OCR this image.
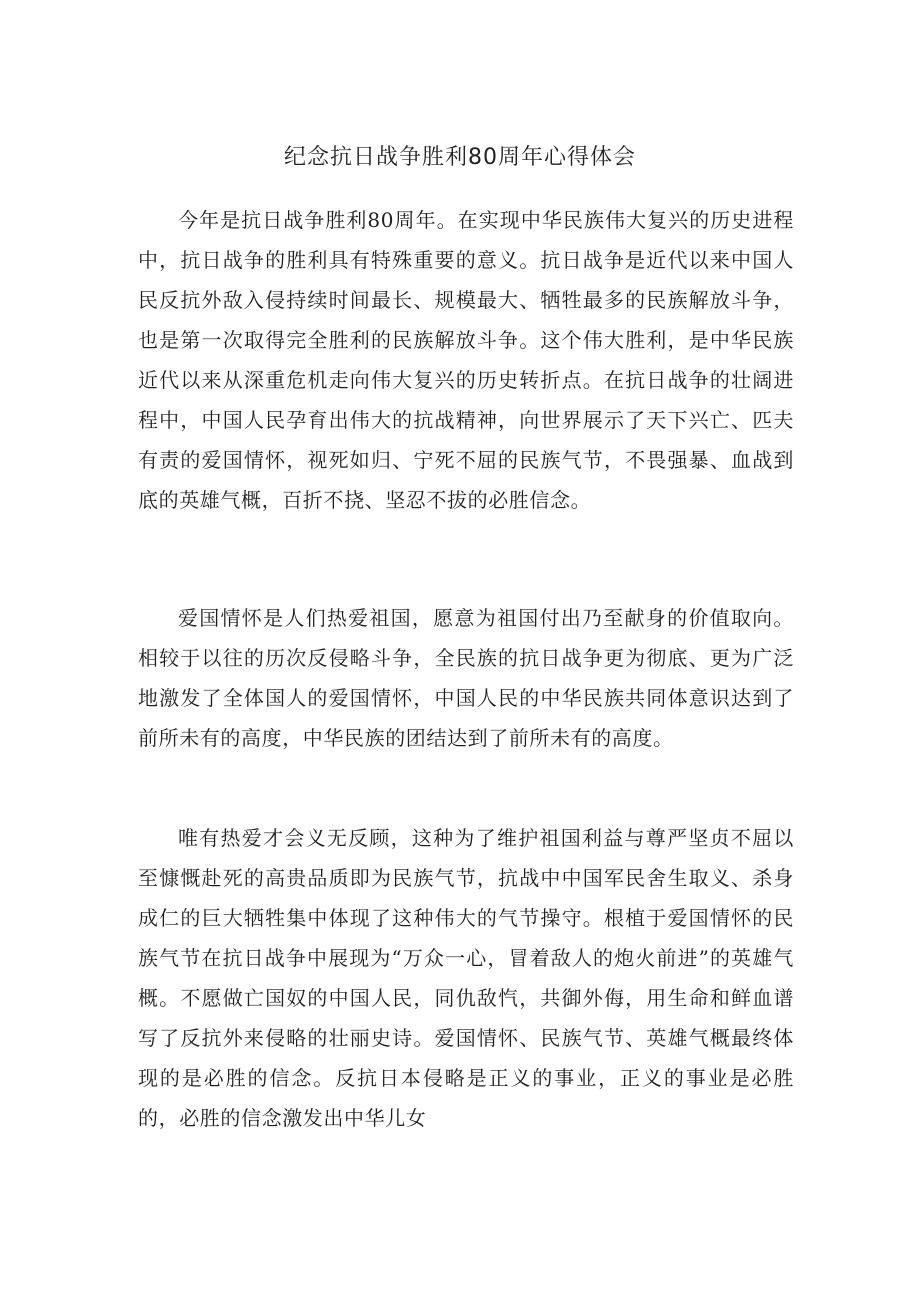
纪念抗日战争胜利80周年心得体会

今年是抗日战争胜利80周年。在实现中华民族伟大复兴的历史进程中，抗日战争的胜利具有特殊重要的意义。抗日战争是近代以来中国人民反抗外敌入侵持续时间最长、规模最大、牺牲最多的民族解放斗争，也是第一次取得完全胜利的民族解放斗争。这个伟大胜利，是中华民族近代以来从深重危机走向伟大复兴的历史转折点。在抗日战争的壮阔进程中，中国人民孕育出伟大的抗战精神，向世界展示了天下兴亡、匹夫有责的爱国情怀，视死如归、宁死不屈的民族气节，不畏强暴、血战到底的英雄气概，百折不挠、坚忍不拔的必胜信念。

爱国情怀是人们热爱祖国，愿意为祖国付出乃至献身的价值取向。相较于以往的历次反侵略斗争，全民族的抗日战争更为彻底、更为广泛地激发了全体国人的爱国情怀，中国人民的中华民族共同体意识达到了前所未有的高度，中华民族的团结达到了前所未有的高度。

唯有热爱才会义无反顾，这种为了维护祖国利益与尊严坚贞不屈以至慷慨赴死的高贵品质即为民族气节，抗战中中国军民舍生取义、杀身成仁的巨大牺牲集中体现了这种伟大的气节操守。根植于爱国情怀的民族气节在抗日战争中展现为“万众一心，冒着敌人的炮火前进”的英雄气概。不愿做亡国奴的中国人民，同仇敌忾，共御外侮，用生命和鲜血谱写了反抗外来侵略的壮丽史诗。爱国情怀、民族气节、英雄气概最终体现的是必胜的信念。反抗日本侵略是正义的事业，正义的事业是必胜的，必胜的信念激发出中华儿女
